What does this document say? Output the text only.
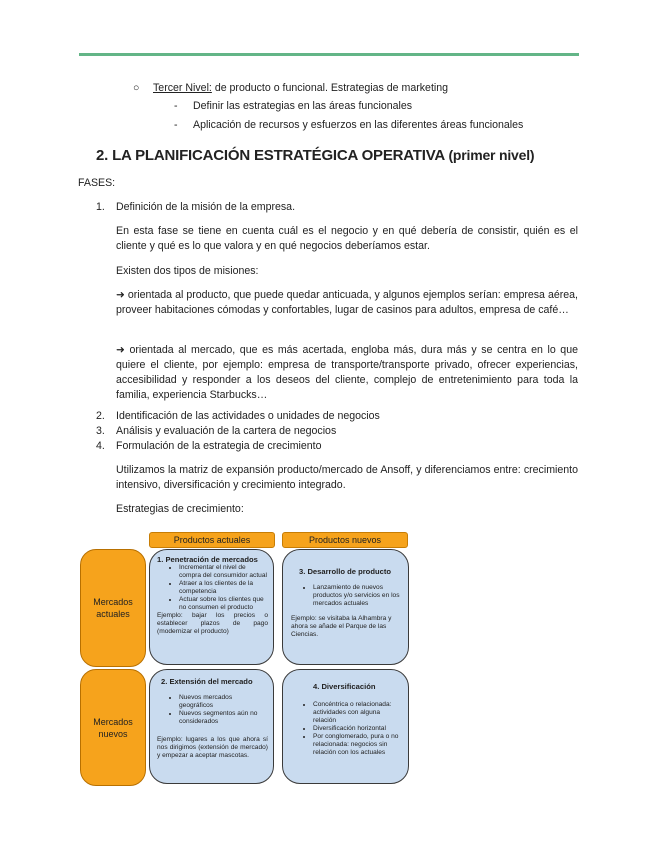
○ Tercer Nivel: de producto o funcional. Estrategias de marketing
- Definir las estrategias en las áreas funcionales
- Aplicación de recursos y esfuerzos en las diferentes áreas funcionales
2. LA PLANIFICACIÓN ESTRATÉGICA OPERATIVA (primer nivel)
FASES:
1. Definición de la misión de la empresa.
En esta fase se tiene en cuenta cuál es el negocio y en qué debería de consistir, quién es el cliente y qué es lo que valora y en qué negocios deberíamos estar.
Existen dos tipos de misiones:
➜ orientada al producto, que puede quedar anticuada, y algunos ejemplos serían: empresa aérea, proveer habitaciones cómodas y confortables, lugar de casinos para adultos, empresa de café…
➜ orientada al mercado, que es más acertada, engloba más, dura más y se centra en lo que quiere el cliente, por ejemplo: empresa de transporte/transporte privado, ofrecer experiencias, accesibilidad y responder a los deseos del cliente, complejo de entretenimiento para toda la familia, experiencia Starbucks…
2. Identificación de las actividades o unidades de negocios
3. Análisis y evaluación de la cartera de negocios
4. Formulación de la estrategia de crecimiento
Utilizamos la matriz de expansión producto/mercado de Ansoff, y diferenciamos entre: crecimiento intensivo, diversificación y crecimiento integrado.
Estrategias de crecimiento:
Productos actuales	Productos nuevos
Mercados actuales
Mercados nuevos
1. Penetración de mercados
• Incrementar el nivel de compra del consumidor actual
• Atraer a los clientes de la competencia
• Actuar sobre los clientes que no consumen el producto

Ejemplo: bajar los precios o establecer plazos de pago (modernizar el producto)

3. Desarrollo de producto
• Lanzamiento de nuevos productos y/o servicios en los mercados actuales

Ejemplo: se visitaba la Alhambra y ahora se añade el Parque de las Ciencias.

2. Extensión del mercado
• Nuevos mercados geográficos
• Nuevos segmentos aún no considerados

Ejemplo: lugares a los que ahora sí nos dirigimos (extensión de mercado) y empezar a aceptar mascotas.

4. Diversificación
• Concéntrica o relacionada: actividades con alguna relación
• Diversificación horizontal
• Por conglomerado, pura o no relacionada: negocios sin relación con los actuales
